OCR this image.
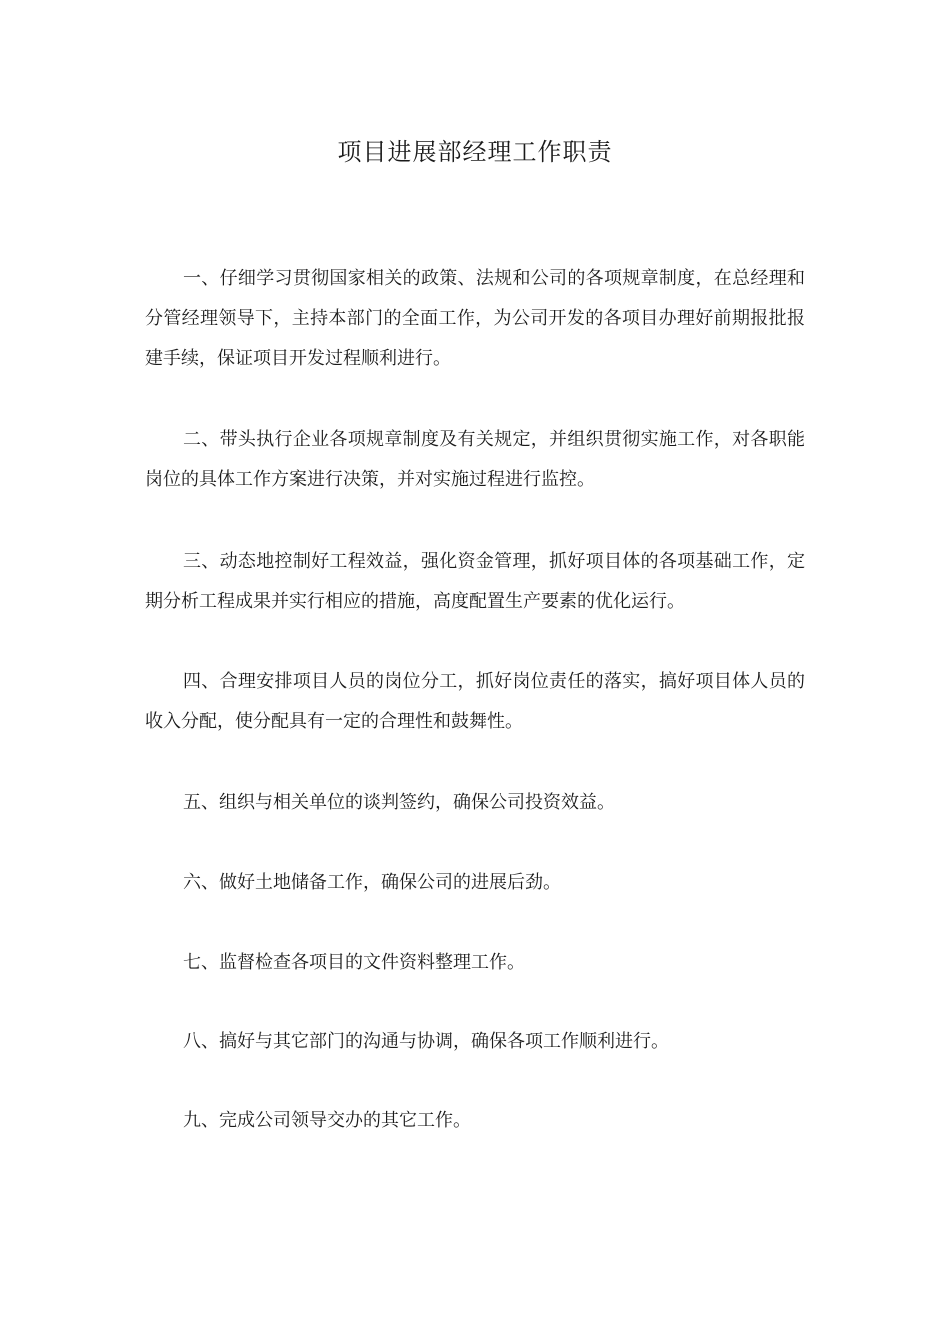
项目进展部经理工作职责

一、仔细学习贯彻国家相关的政策、法规和公司的各项规章制度，在总经理和分管经理领导下，主持本部门的全面工作，为公司开发的各项目办理好前期报批报建手续，保证项目开发过程顺利进行。

二、带头执行企业各项规章制度及有关规定，并组织贯彻实施工作，对各职能岗位的具体工作方案进行决策，并对实施过程进行监控。

三、动态地控制好工程效益，强化资金管理，抓好项目体的各项基础工作，定期分析工程成果并实行相应的措施，高度配置生产要素的优化运行。

四、合理安排项目人员的岗位分工，抓好岗位责任的落实，搞好项目体人员的收入分配，使分配具有一定的合理性和鼓舞性。

五、组织与相关单位的谈判签约，确保公司投资效益。

六、做好土地储备工作，确保公司的进展后劲。

七、监督检查各项目的文件资料整理工作。

八、搞好与其它部门的沟通与协调，确保各项工作顺利进行。

九、完成公司领导交办的其它工作。
